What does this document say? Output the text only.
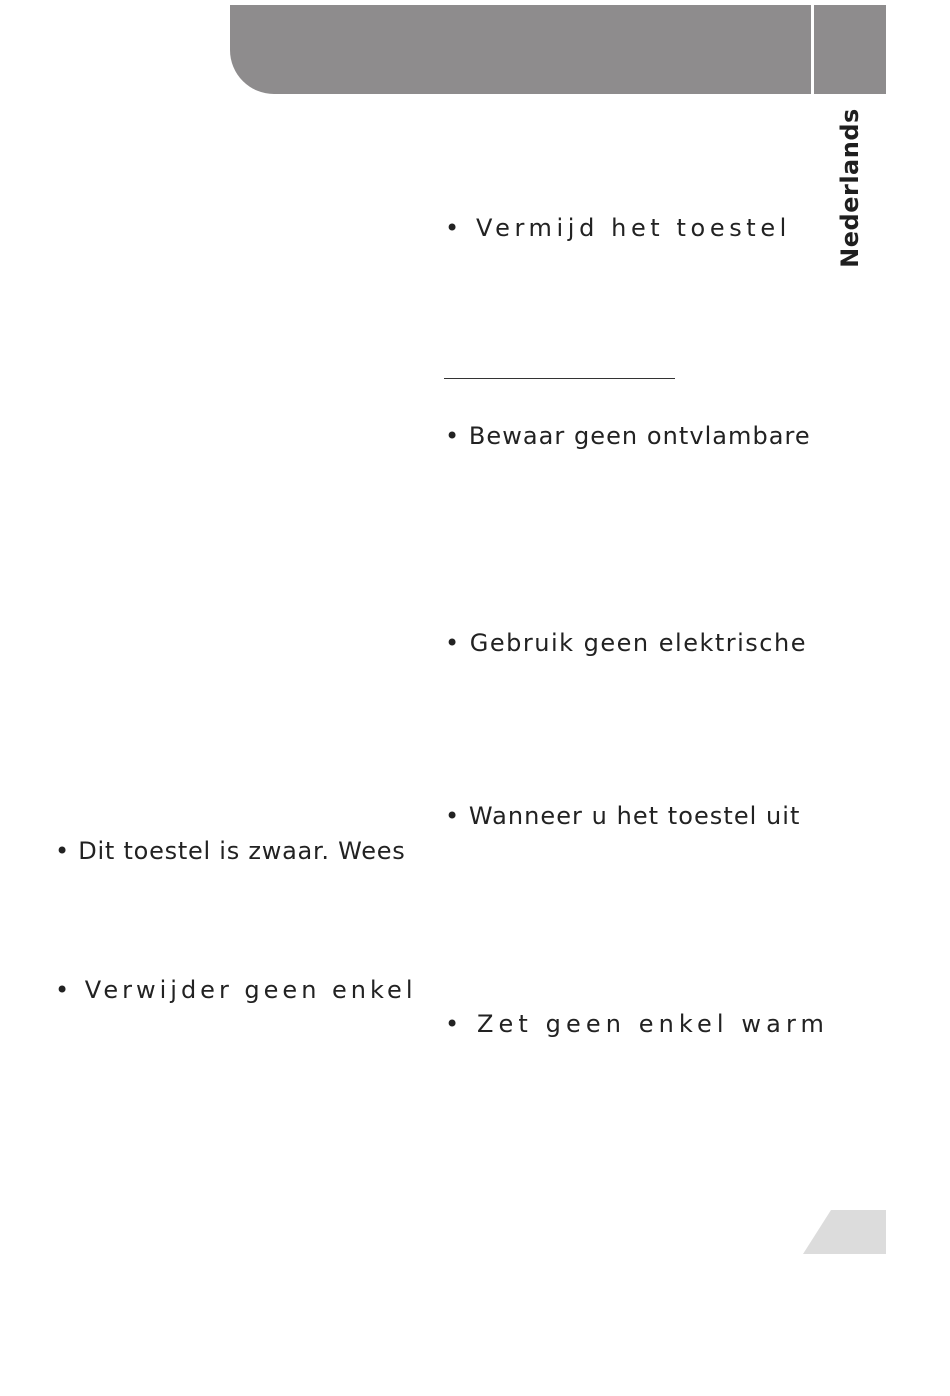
Nederlands
• Vermijd het toestel
• Bewaar geen ontvlambare
• Gebruik geen elektrische
• Wanneer u het toestel uit
• Dit toestel is zwaar. Wees
• Verwijder geen enkel
• Zet geen enkel warm
